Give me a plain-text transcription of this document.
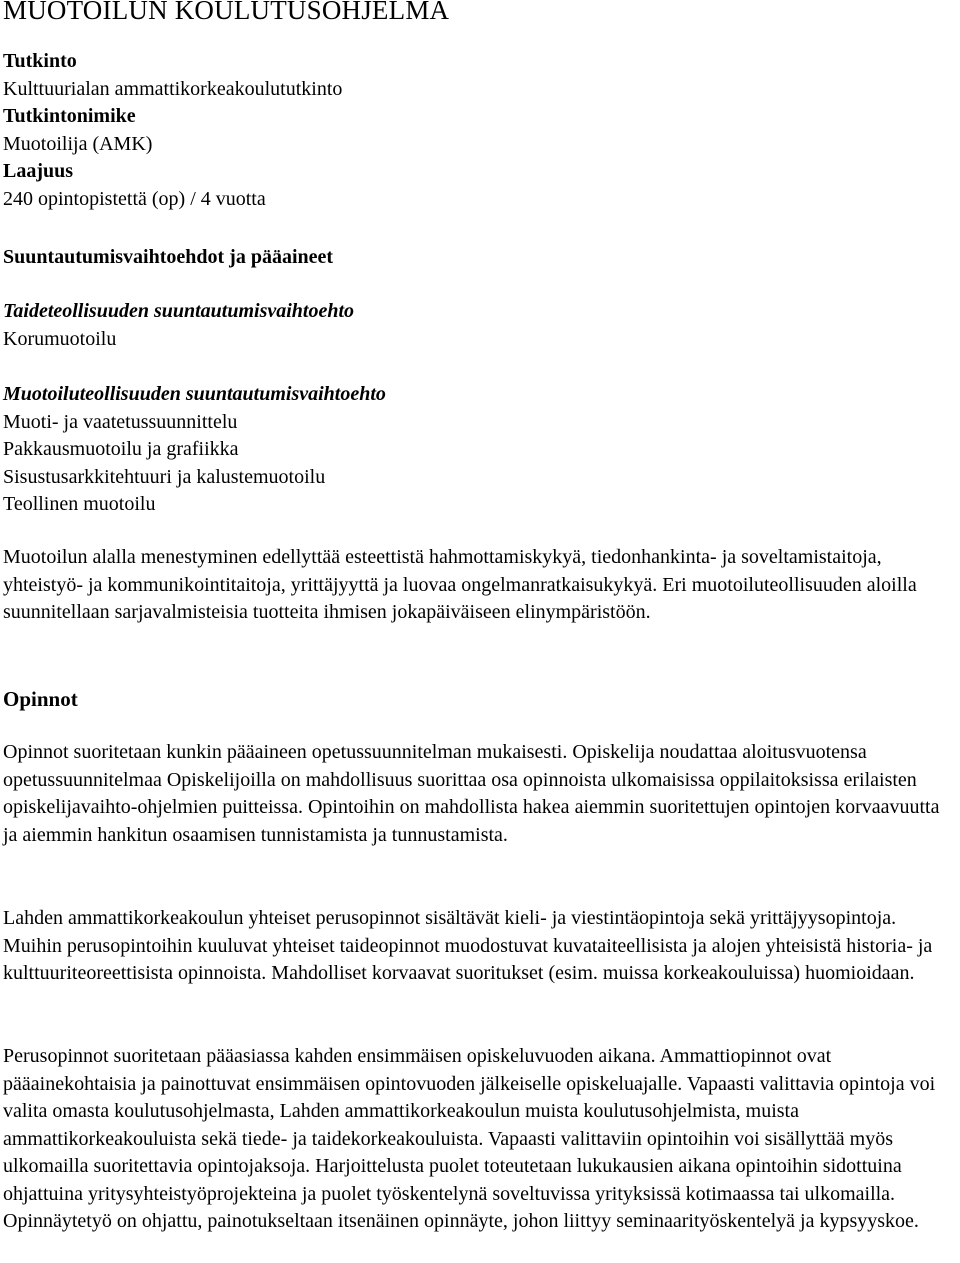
MUOTOILUN KOULUTUSOHJELMA
Tutkinto
Kulttuurialan ammattikorkeakoulututkinto
Tutkintonimike
Muotoilija (AMK)
Laajuus
240 opintopistettä (op) / 4 vuotta
Suuntautumisvaihtoehdot ja pääaineet
Taideteollisuuden suuntautumisvaihtoehto
Korumuotoilu
Muotoiluteollisuuden suuntautumisvaihtoehto
Muoti- ja vaatetussuunnittelu
Pakkausmuotoilu ja grafiikka
Sisustusarkkitehtuuri ja kalustemuotoilu
Teollinen muotoilu

Muotoilun alalla menestyminen edellyttää esteettistä hahmottamiskykyä, tiedonhankinta- ja soveltamistaitoja, yhteistyö- ja kommunikointitaitoja, yrittäjyyttä ja luovaa ongelmanratkaisukykyä. Eri muotoiluteollisuuden aloilla suunnitellaan sarjavalmisteisia tuotteita ihmisen jokapäiväiseen elinympäristöön.

Opinnot

Opinnot suoritetaan kunkin pääaineen opetussuunnitelman mukaisesti. Opiskelija noudattaa aloitusvuotensa opetussuunnitelmaa Opiskelijoilla on mahdollisuus suorittaa osa opinnoista ulkomaisissa oppilaitoksissa erilaisten opiskelijavaihto-ohjelmien puitteissa. Opintoihin on mahdollista hakea aiemmin suoritettujen opintojen korvaavuutta ja aiemmin hankitun osaamisen tunnistamista ja tunnustamista.

Lahden ammattikorkeakoulun yhteiset perusopinnot sisältävät kieli- ja viestintäopintoja sekä yrittäjyysopintoja. Muihin perusopintoihin kuuluvat yhteiset taideopinnot muodostuvat kuvataiteellisista ja alojen yhteisistä historia- ja kulttuuriteoreettisista opinnoista. Mahdolliset korvaavat suoritukset (esim. muissa korkeakouluissa) huomioidaan.

Perusopinnot suoritetaan pääasiassa kahden ensimmäisen opiskeluvuoden aikana. Ammattiopinnot ovat pääainekohtaisia ja painottuvat ensimmäisen opintovuoden jälkeiselle opiskeluajalle. Vapaasti valittavia opintoja voi valita omasta koulutusohjelmasta, Lahden ammattikorkeakoulun muista koulutusohjelmista, muista ammattikorkeakouluista sekä tiede- ja taidekorkeakouluista. Vapaasti valittaviin opintoihin voi sisällyttää myös ulkomailla suoritettavia opintojaksoja. Harjoittelusta puolet toteutetaan lukukausien aikana opintoihin sidottuina ohjattuina yritysyhteistyöprojekteina ja puolet työskentelynä soveltuvissa yrityksissä kotimaassa tai ulkomailla. Opinnäytetyö on ohjattu, painotukseltaan itsenäinen opinnäyte, johon liittyy seminaarityöskentelyä ja kypsyyskoe.
